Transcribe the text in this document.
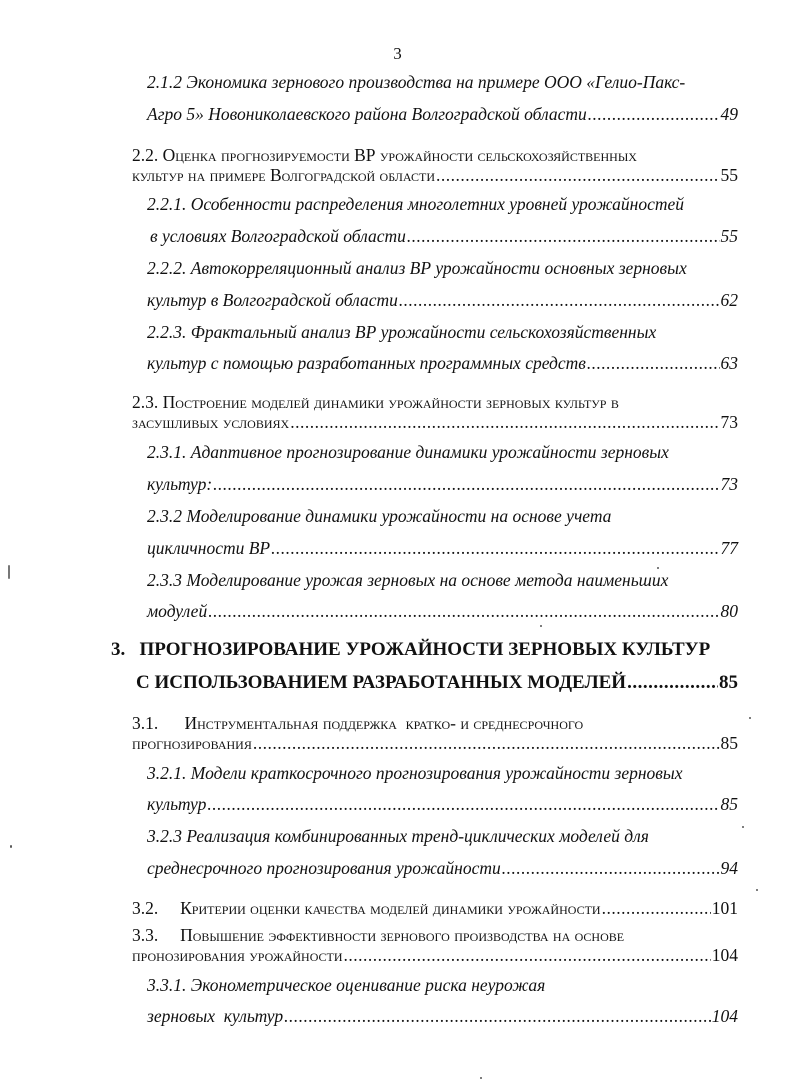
3
2.1.2 Экономика зернового производства на примере ООО «Гелио-Пакс-
Агро 5» Новониколаевского района Волгоградской области .....	49
2.2. Оценка прогнозируемости ВР урожайности сельскохозяйственных
культур на примере Волгоградской области .....	55
2.2.1. Особенности распределения многолетних уровней урожайностей
в условиях Волгоградской области .....	55
2.2.2. Автокорреляционный анализ ВР урожайности основных зерновых
культур в Волгоградской области .....	62
2.2.3. Фрактальный анализ ВР урожайности сельскохозяйственных
культур с помощью разработанных программных средств .....	63
2.3. Построение моделей динамики урожайности зерновых культур в
засушливых условиях .....	73
2.3.1. Адаптивное прогнозирование динамики урожайности зерновых
культур: .....	73
2.3.2 Моделирование динамики урожайности на основе учета
цикличности ВР .....	77
2.3.3 Моделирование урожая зерновых на основе метода наименьших
модулей .....	80
3.   ПРОГНОЗИРОВАНИЕ УРОЖАЙНОСТИ ЗЕРНОВЫХ КУЛЬТУР
С ИСПОЛЬЗОВАНИЕМ РАЗРАБОТАННЫХ МОДЕЛЕЙ .....	85
3.1.      Инструментальная поддержка  кратко- и среднесрочного
прогнозирования .....	85
3.2.1. Модели краткосрочного прогнозирования урожайности зерновых
культур .....	85
3.2.3 Реализация комбинированных тренд-циклических моделей для
среднесрочного прогнозирования урожайности .....	94
3.2.     Критерии оценки качества моделей динамики урожайности .....	101
3.3.     Повышение эффективности зернового производства на основе
пронозирования урожайности .....	104
3.3.1. Эконометрическое оценивание риска неурожая
зерновых  культур .....	104
